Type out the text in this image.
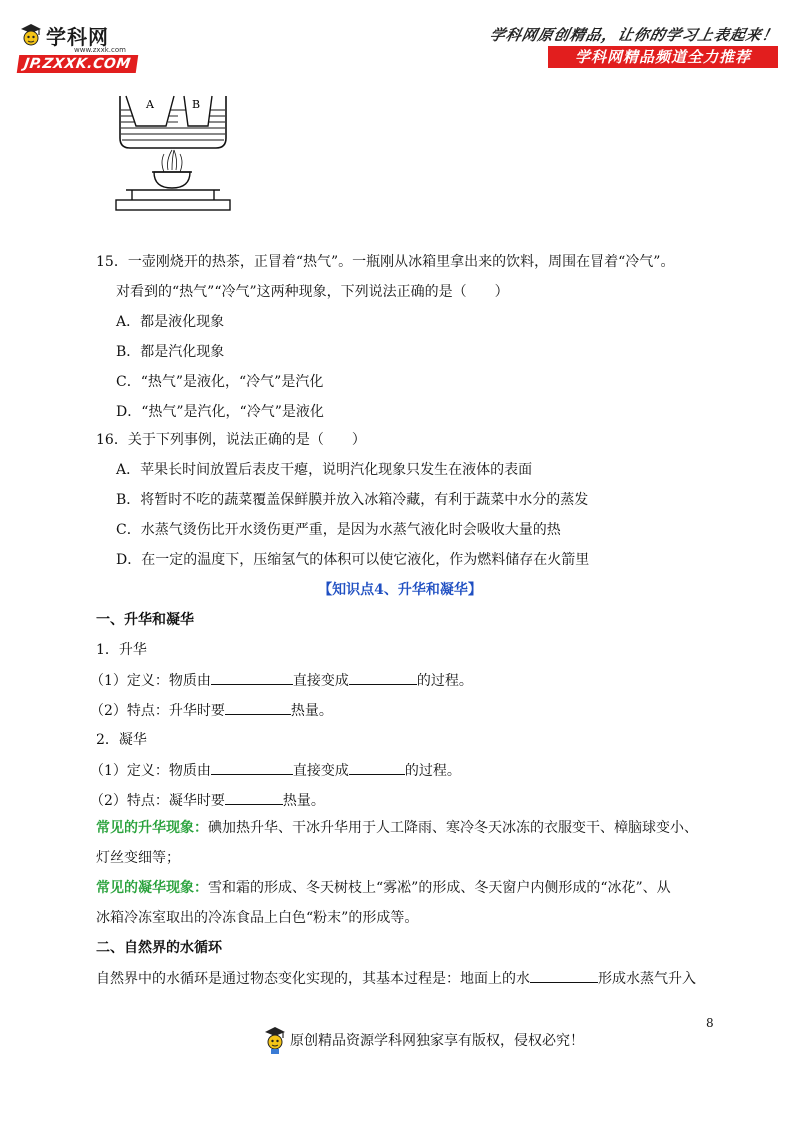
学科网
www.zxxk.com
JP.ZXXK.COM
学科网原创精品，让你的学习上表起来！
学科网精品频道全力推荐
A	B
15．一壶刚烧开的热茶，正冒着“热气”。一瓶刚从冰箱里拿出来的饮料，周围在冒着“冷气”。
对看到的“热气”“冷气”这两种现象，下列说法正确的是（　　）
A．都是液化现象
B．都是汽化现象
C．“热气”是液化，“冷气”是汽化
D．“热气”是汽化，“冷气”是液化
16．关于下列事例，说法正确的是（　　）
A．苹果长时间放置后表皮干瘪，说明汽化现象只发生在液体的表面
B．将暂时不吃的蔬菜覆盖保鲜膜并放入冰箱冷藏，有利于蔬菜中水分的蒸发
C．水蒸气烫伤比开水烫伤更严重，是因为水蒸气液化时会吸收大量的热
D．在一定的温度下，压缩氢气的体积可以使它液化，作为燃料储存在火箭里
【知识点4、升华和凝华】
一、升华和凝华
1．升华
（1）定义：物质由	直接变成	的过程。
（2）特点：升华时要	热量。
2．凝华
（1）定义：物质由	直接变成	的过程。
（2）特点：凝华时要	热量。
常见的升华现象：碘加热升华、干冰升华用于人工降雨、寒冷冬天冰冻的衣服变干、樟脑球变小、
灯丝变细等；
常见的凝华现象：雪和霜的形成、冬天树枝上“雾凇”的形成、冬天窗户内侧形成的“冰花”、从
冰箱冷冻室取出的冷冻食品上白色“粉末”的形成等。
二、自然界的水循环
自然界中的水循环是通过物态变化实现的，其基本过程是：地面上的水	形成水蒸气升入
8
原创精品资源学科网独家享有版权，侵权必究！
